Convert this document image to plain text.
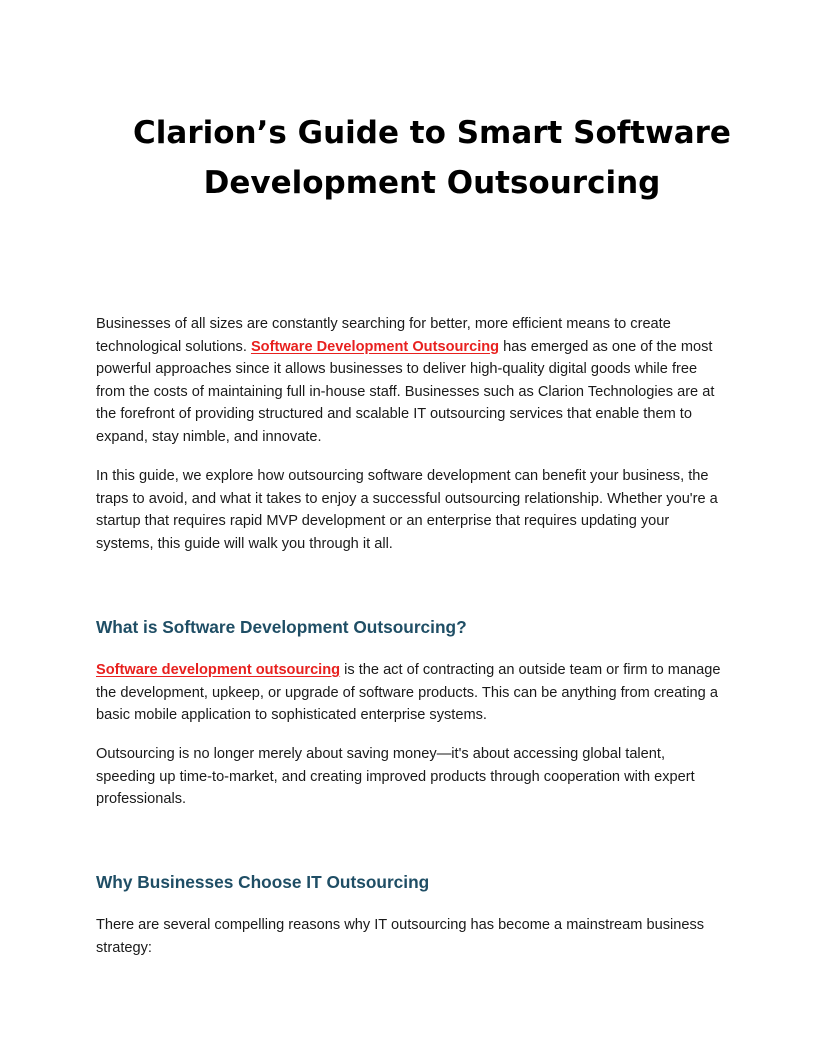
Clarion’s Guide to Smart Software Development Outsourcing

Businesses of all sizes are constantly searching for better, more efficient means to create technological solutions. Software Development Outsourcing has emerged as one of the most powerful approaches since it allows businesses to deliver high-quality digital goods while free from the costs of maintaining full in-house staff. Businesses such as Clarion Technologies are at the forefront of providing structured and scalable IT outsourcing services that enable them to expand, stay nimble, and innovate.

In this guide, we explore how outsourcing software development can benefit your business, the traps to avoid, and what it takes to enjoy a successful outsourcing relationship. Whether you're a startup that requires rapid MVP development or an enterprise that requires updating your systems, this guide will walk you through it all.

What is Software Development Outsourcing?

Software development outsourcing is the act of contracting an outside team or firm to manage the development, upkeep, or upgrade of software products. This can be anything from creating a basic mobile application to sophisticated enterprise systems.

Outsourcing is no longer merely about saving money—it's about accessing global talent, speeding up time-to-market, and creating improved products through cooperation with expert professionals.

Why Businesses Choose IT Outsourcing

There are several compelling reasons why IT outsourcing has become a mainstream business strategy:
